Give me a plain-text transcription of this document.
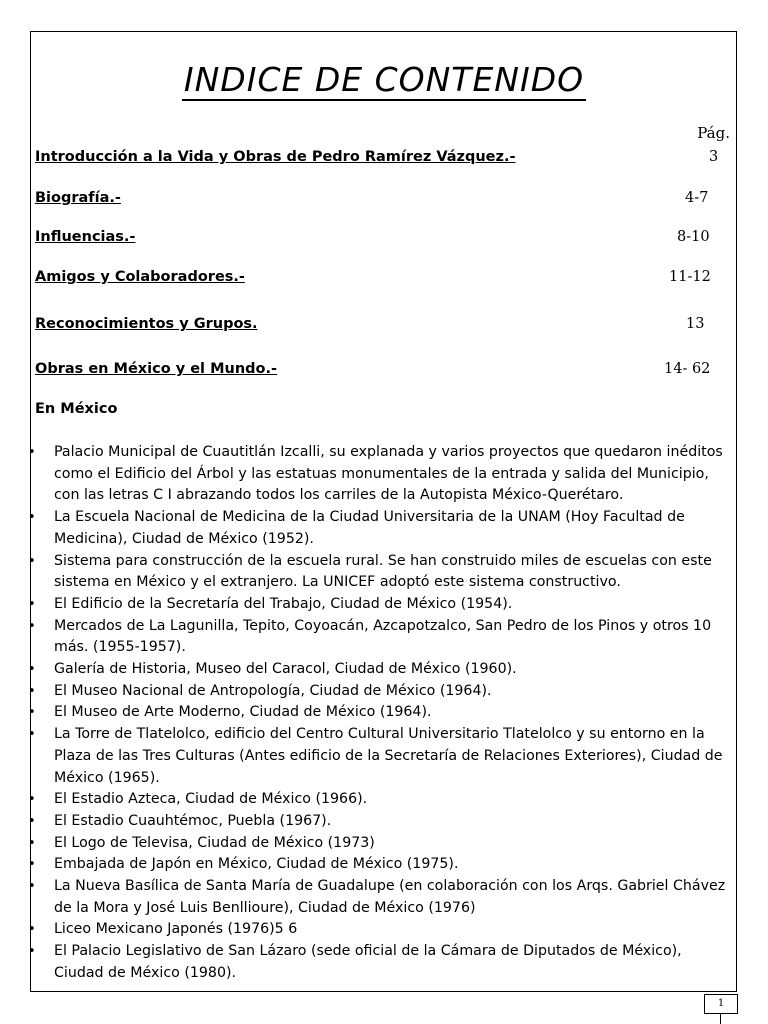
INDICE DE CONTENIDO
Pág.
Introducción a la Vida y Obras de Pedro Ramírez Vázquez.-	3
Biografía.-	4-7
Influencias.-	8-10
Amigos y Colaboradores.-	11-12
Reconocimientos y Grupos.	13
Obras en México y el Mundo.-	14- 62
En México
• Palacio Municipal de Cuautitlán Izcalli, su explanada y varios proyectos que quedaron inéditos como el Edificio del Árbol y las estatuas monumentales de la entrada y salida del Municipio, con las letras C I abrazando todos los carriles de la Autopista México-Querétaro.
• La Escuela Nacional de Medicina de la Ciudad Universitaria de la UNAM (Hoy Facultad de Medicina), Ciudad de México (1952).
• Sistema para construcción de la escuela rural. Se han construido miles de escuelas con este sistema en México y el extranjero. La UNICEF adoptó este sistema constructivo.
• El Edificio de la Secretaría del Trabajo, Ciudad de México (1954).
• Mercados de La Lagunilla, Tepito, Coyoacán, Azcapotzalco, San Pedro de los Pinos y otros 10 más. (1955-1957).
• Galería de Historia, Museo del Caracol, Ciudad de México (1960).
• El Museo Nacional de Antropología, Ciudad de México (1964).
• El Museo de Arte Moderno, Ciudad de México (1964).
• La Torre de Tlatelolco, edificio del Centro Cultural Universitario Tlatelolco y su entorno en la Plaza de las Tres Culturas (Antes edificio de la Secretaría de Relaciones Exteriores), Ciudad de México (1965).
• El Estadio Azteca, Ciudad de México (1966).
• El Estadio Cuauhtémoc, Puebla (1967).
• El Logo de Televisa, Ciudad de México (1973)
• Embajada de Japón en México, Ciudad de México (1975).
• La Nueva Basílica de Santa María de Guadalupe (en colaboración con los Arqs. Gabriel Chávez de la Mora y José Luis Benllioure), Ciudad de México (1976)
• Liceo Mexicano Japonés (1976)5 6
• El Palacio Legislativo de San Lázaro (sede oficial de la Cámara de Diputados de México), Ciudad de México (1980).
1
